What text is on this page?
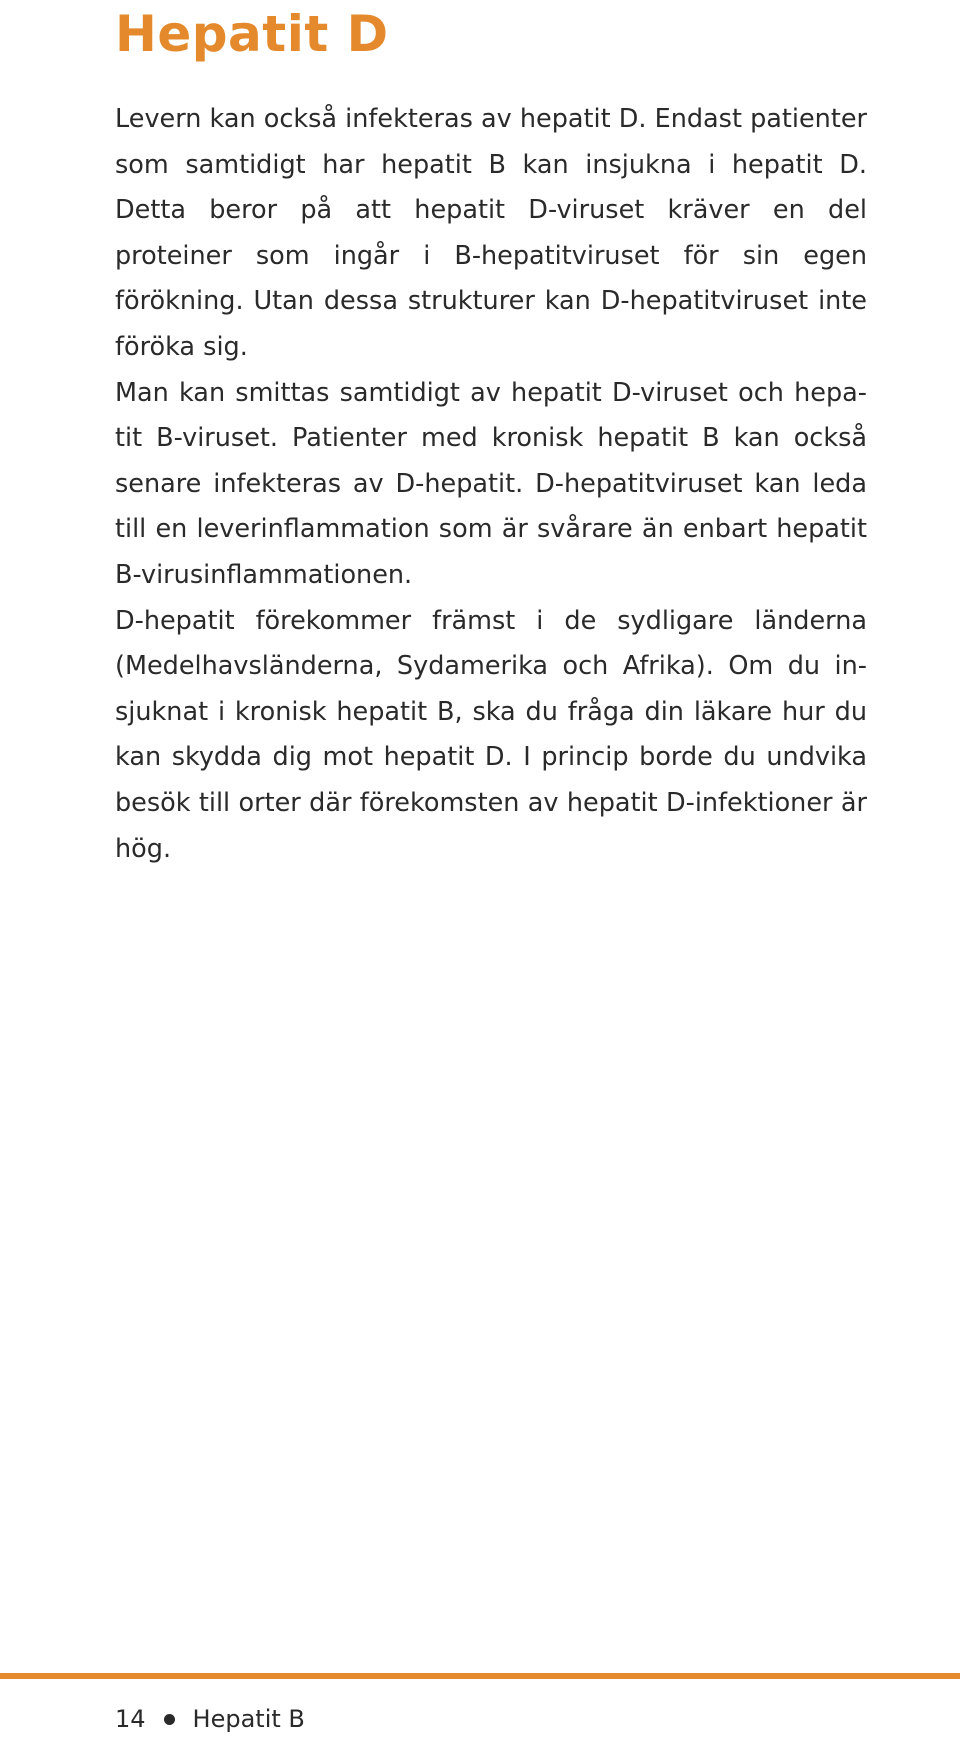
Hepatit D

Levern kan också infekteras av hepatit D. Endast patienter som samtidigt har hepatit B kan insjukna i hepatit D. Detta beror på att hepatit D-viruset kräver en del proteiner som ingår i B-hepatitviruset för sin egen förökning. Utan dessa strukturer kan D-hepatitviruset inte föröka sig.

Man kan smittas samtidigt av hepatit D-viruset och hepatit B-viruset. Patienter med kronisk hepatit B kan också senare infekteras av D-hepatit. D-hepatitviruset kan leda till en leverinflammation som är svårare än enbart hepatit B-virusinflammationen.

D-hepatit förekommer främst i de sydligare länderna (Medelhavsländerna, Sydamerika och Afrika). Om du insjuknat i kronisk hepatit B, ska du fråga din läkare hur du kan skydda dig mot hepatit D. I princip borde du undvika besök till orter där förekomsten av hepatit D-infektioner är hög.

14 Hepatit B
